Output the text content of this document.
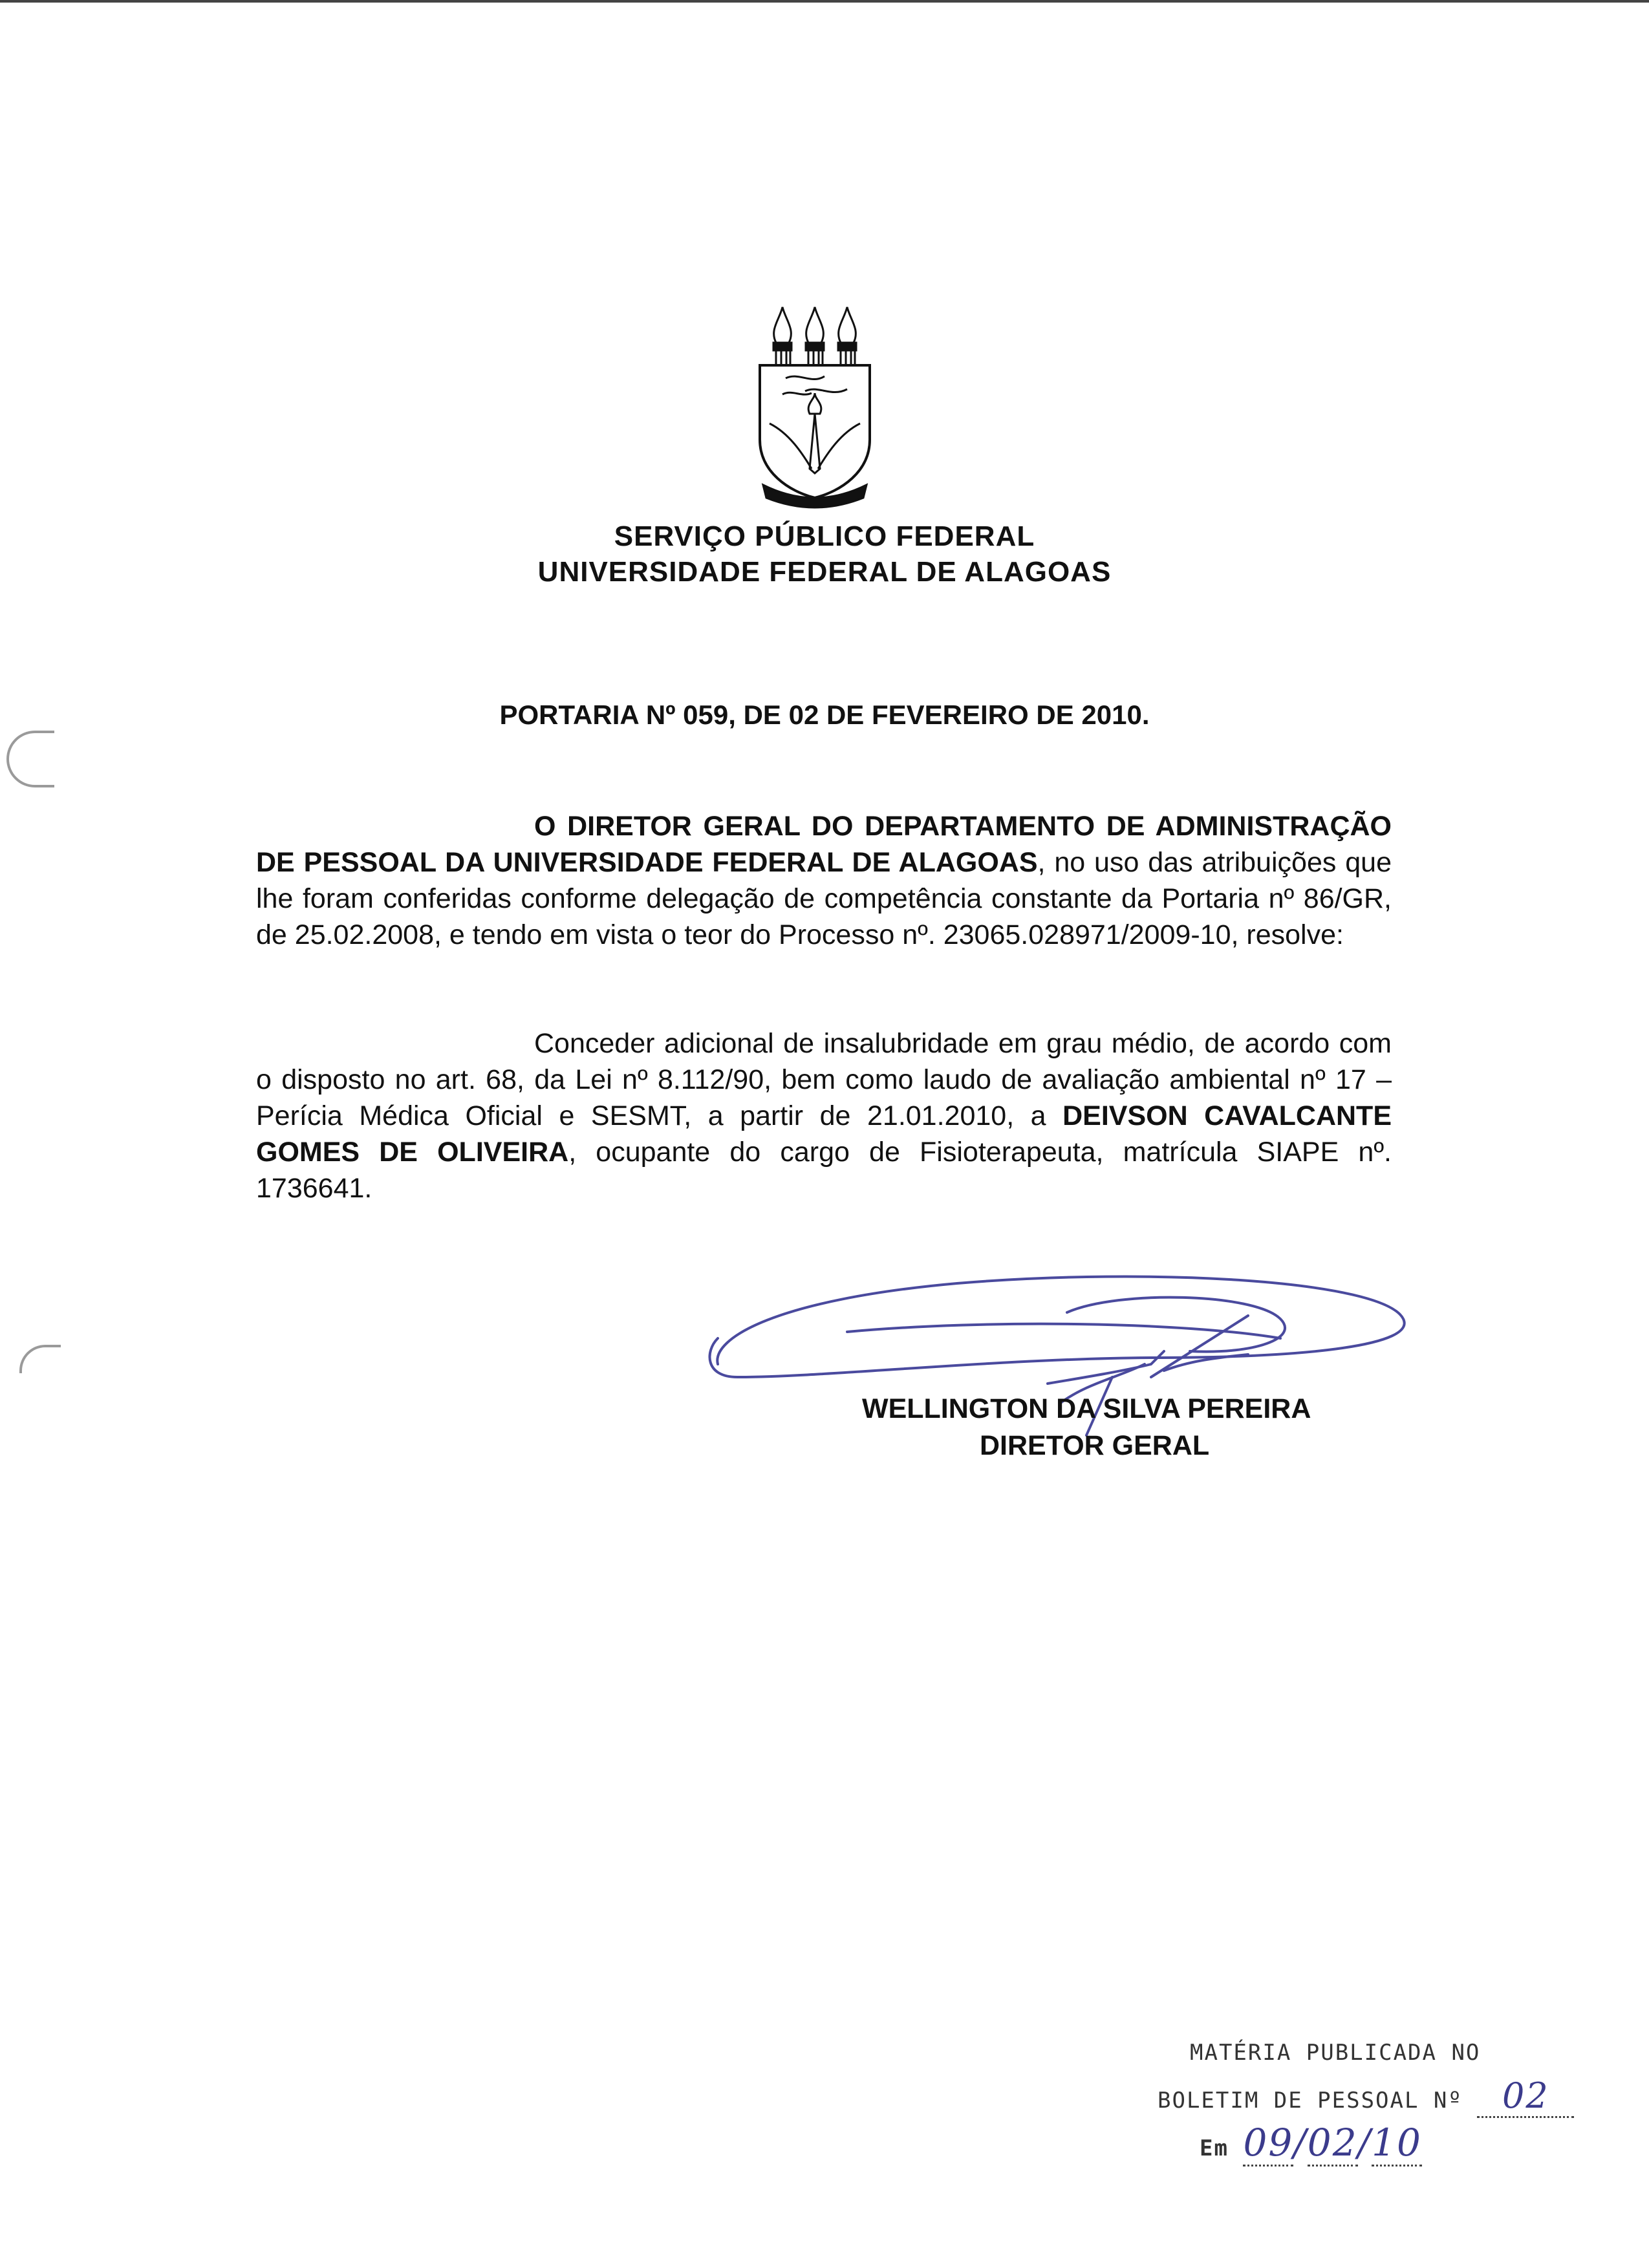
SERVIÇO PÚBLICO FEDERAL
UNIVERSIDADE FEDERAL DE ALAGOAS
PORTARIA Nº 059, DE 02 DE FEVEREIRO DE 2010.
O DIRETOR GERAL DO DEPARTAMENTO DE ADMINISTRAÇÃO DE PESSOAL DA UNIVERSIDADE FEDERAL DE ALAGOAS, no uso das atribuições que lhe foram conferidas conforme delegação de competência constante da Portaria nº 86/GR, de 25.02.2008, e tendo em vista o teor do Processo nº. 23065.028971/2009-10, resolve:
Conceder adicional de insalubridade em grau médio, de acordo com o disposto no art. 68, da Lei nº 8.112/90, bem como laudo de avaliação ambiental nº 17 – Perícia Médica Oficial e SESMT, a partir de 21.01.2010, a DEIVSON CAVALCANTE GOMES DE OLIVEIRA, ocupante do cargo de Fisioterapeuta, matrícula SIAPE nº. 1736641.
WELLINGTON DA SILVA PEREIRA
DIRETOR GERAL
MATÉRIA PUBLICADA NO
BOLETIM DE PESSOAL Nº 02
Em 09/02/10
